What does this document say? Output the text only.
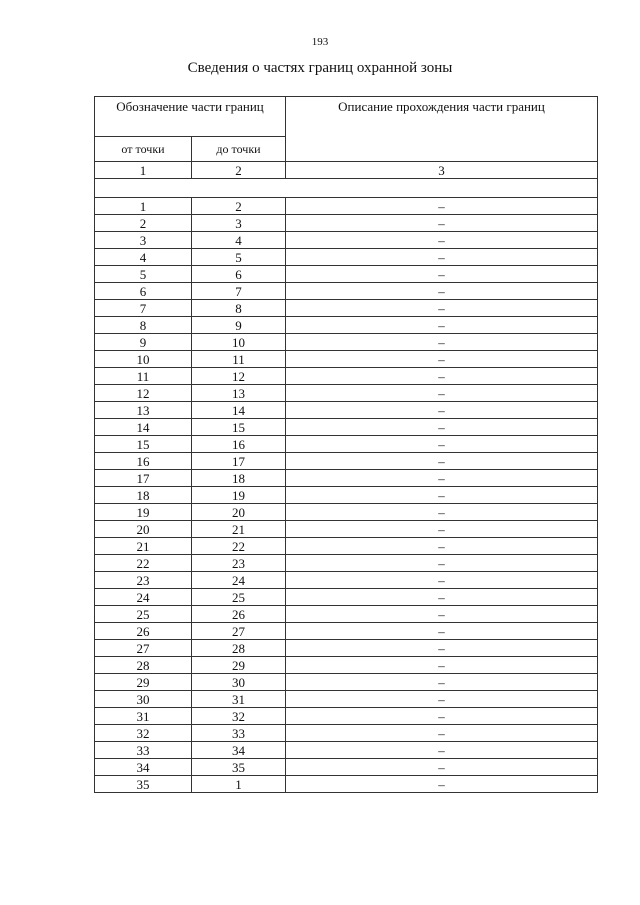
193
Сведения о частях границ охранной зоны
Обозначение части границ		Описание прохождения части границ
от точки	до точки	
1	2	3

1	2	–
2	3	–
3	4	–
4	5	–
5	6	–
6	7	–
7	8	–
8	9	–
9	10	–
10	11	–
11	12	–
12	13	–
13	14	–
14	15	–
15	16	–
16	17	–
17	18	–
18	19	–
19	20	–
20	21	–
21	22	–
22	23	–
23	24	–
24	25	–
25	26	–
26	27	–
27	28	–
28	29	–
29	30	–
30	31	–
31	32	–
32	33	–
33	34	–
34	35	–
35	1	–
